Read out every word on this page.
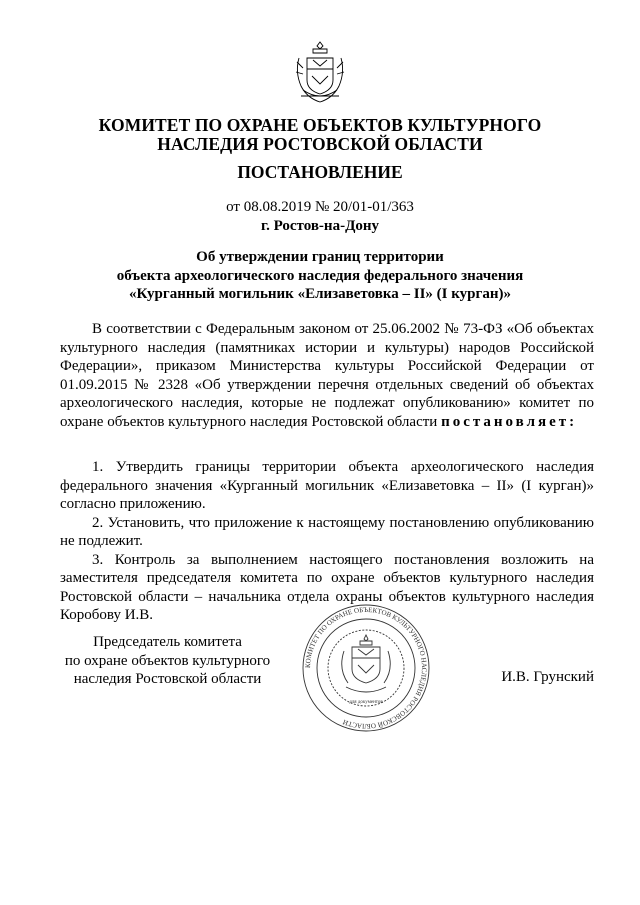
КОМИТЕТ ПО ОХРАНЕ ОБЪЕКТОВ КУЛЬТУРНОГО
НАСЛЕДИЯ РОСТОВСКОЙ ОБЛАСТИ
ПОСТАНОВЛЕНИЕ
от 08.08.2019 № 20/01-01/363
г. Ростов-на-Дону
Об утверждении границ территории
объекта археологического наследия федерального значения
«Курганный могильник «Елизаветовка – II» (I курган)»

В соответствии с Федеральным законом от 25.06.2002 № 73-ФЗ «Об объектах культурного наследия (памятниках истории и культуры) народов Российской Федерации», приказом Министерства культуры Российской Федерации от 01.09.2015 № 2328 «Об утверждении перечня отдельных сведений об объектах археологического наследия, которые не подлежат опубликованию» комитет по охране объектов культурного наследия Ростовской области постановляет:

1. Утвердить границы территории объекта археологического наследия федерального значения «Курганный могильник «Елизаветовка – II» (I курган)» согласно приложению.

2. Установить, что приложение к настоящему постановлению опубликованию не подлежит.

3. Контроль за выполнением настоящего постановления возложить на заместителя председателя комитета по охране объектов культурного наследия Ростовской области – начальника отдела охраны объектов культурного наследия Коробову И.В.

Председатель комитета
по охране объектов культурного
наследия Ростовской области
КОМИТЕТ ПО ОХРАНЕ ОБЪЕКТОВ КУЛЬТУРНОГО НАСЛЕДИЯ РОСТОВСКОЙ ОБЛАСТИ
для документов
И.В. Грунский
